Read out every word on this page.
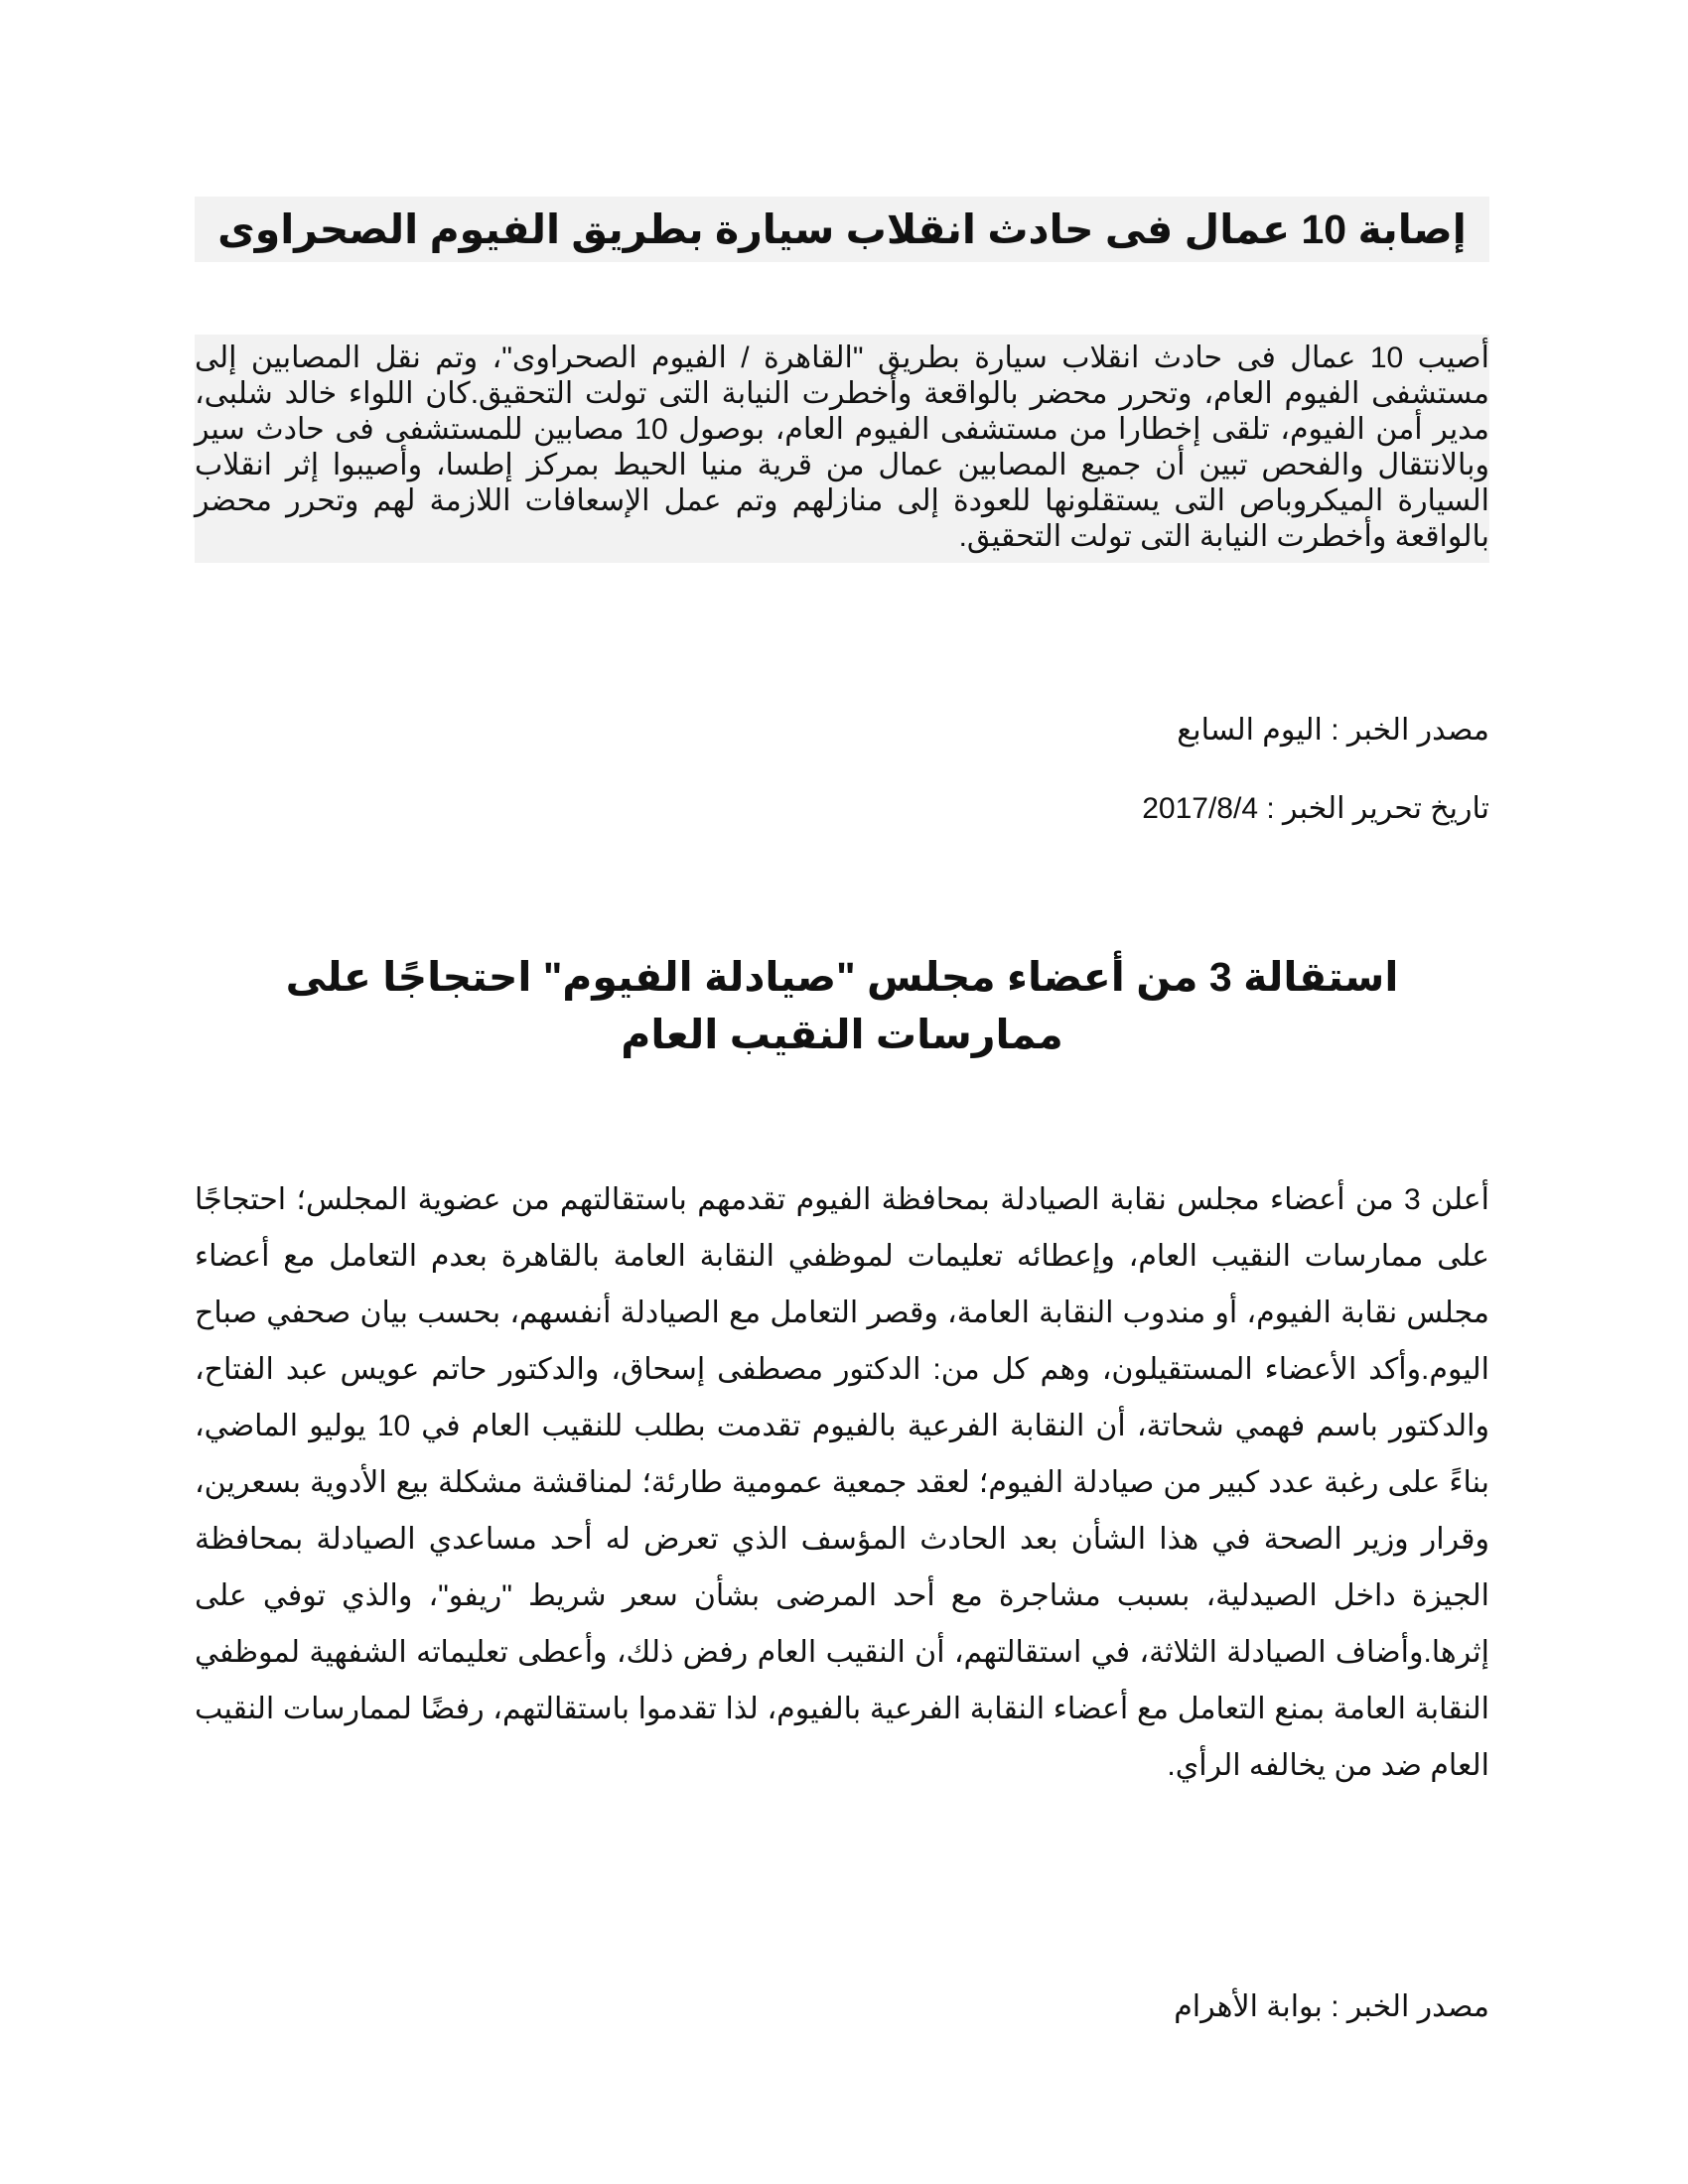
إصابة 10 عمال فى حادث انقلاب سيارة بطريق الفيوم الصحراوى

أصيب 10 عمال فى حادث انقلاب سيارة بطريق "القاهرة / الفيوم الصحراوى"، وتم نقل المصابين إلى مستشفى الفيوم العام، وتحرر محضر بالواقعة وأخطرت النيابة التى تولت التحقيق.كان اللواء خالد شلبى، مدير أمن الفيوم، تلقى إخطارا من مستشفى الفيوم العام، بوصول 10 مصابين للمستشفى فى حادث سير وبالانتقال والفحص تبين أن جميع المصابين عمال من قرية منيا الحيط بمركز إطسا، وأصيبوا إثر انقلاب السيارة الميكروباص التى يستقلونها للعودة إلى منازلهم وتم عمل الإسعافات اللازمة لهم وتحرر محضر بالواقعة وأخطرت النيابة التى تولت التحقيق.

مصدر الخبر : اليوم السابع

تاريخ تحرير الخبر : 2017/8/4

استقالة 3 من أعضاء مجلس "صيادلة الفيوم" احتجاجًا على ممارسات النقيب العام

أعلن 3 من أعضاء مجلس نقابة الصيادلة بمحافظة الفيوم تقدمهم باستقالتهم من عضوية المجلس؛ احتجاجًا على ممارسات النقيب العام، وإعطائه تعليمات لموظفي النقابة العامة بالقاهرة بعدم التعامل مع أعضاء مجلس نقابة الفيوم، أو مندوب النقابة العامة، وقصر التعامل مع الصيادلة أنفسهم، بحسب بيان صحفي صباح اليوم.وأكد الأعضاء المستقيلون، وهم كل من: الدكتور مصطفى إسحاق، والدكتور حاتم عويس عبد الفتاح، والدكتور باسم فهمي شحاتة، أن النقابة الفرعية بالفيوم تقدمت بطلب للنقيب العام في 10 يوليو الماضي، بناءً على رغبة عدد كبير من صيادلة الفيوم؛ لعقد جمعية عمومية طارئة؛ لمناقشة مشكلة بيع الأدوية بسعرين، وقرار وزير الصحة في هذا الشأن بعد الحادث المؤسف الذي تعرض له أحد مساعدي الصيادلة بمحافظة الجيزة داخل الصيدلية، بسبب مشاجرة مع أحد المرضى بشأن سعر شريط "ريفو"، والذي توفي على إثرها.وأضاف الصيادلة الثلاثة، في استقالتهم، أن النقيب العام رفض ذلك، وأعطى تعليماته الشفهية لموظفي النقابة العامة بمنع التعامل مع أعضاء النقابة الفرعية بالفيوم، لذا تقدموا باستقالتهم، رفضًا لممارسات النقيب العام ضد من يخالفه الرأي.

مصدر الخبر : بوابة الأهرام
